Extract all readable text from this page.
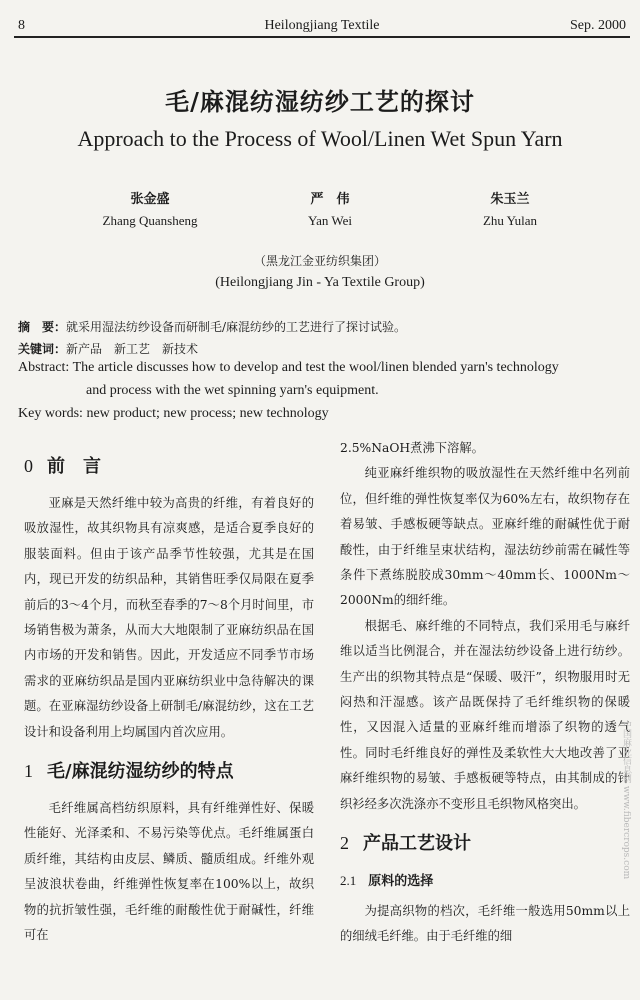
8	Heilongjiang Textile	Sep. 2000
毛/麻混纺湿纺纱工艺的探讨
Approach to the Process of Wool/Linen Wet Spun Yarn
张金盛
Zhang Quansheng
严　伟
Yan Wei
朱玉兰
Zhu Yulan
（黑龙江金亚纺织集团）
(Heilongjiang Jin - Ya Textile Group)
摘　要：就采用湿法纺纱设备而研制毛/麻混纺纱的工艺进行了探讨试验。
关键词：新产品　新工艺　新技术
Abstract: The article discusses how to develop and test the wool/linen blended yarn's technology
and process with the wet spinning yarn's equipment.
Key words: new product; new process; new technology
0 前　言

亚麻是天然纤维中较为高贵的纤维，有着良好的吸放湿性，故其织物具有凉爽感，是适合夏季良好的服装面料。但由于该产品季节性较强，尤其是在国内，现已开发的纺织品种，其销售旺季仅局限在夏季前后的3～4个月，而秋至春季的7～8个月时间里，市场销售极为萧条，从而大大地限制了亚麻纺织品在国内市场的开发和销售。因此，开发适应不同季节市场需求的亚麻纺织品是国内亚麻纺织业中急待解决的课题。在亚麻湿纺纱设备上研制毛/麻混纺纱，这在工艺设计和设备利用上均属国内首次应用。

1 毛/麻混纺湿纺纱的特点

毛纤维属高档纺织原料，具有纤维弹性好、保暖性能好、光泽柔和、不易污染等优点。毛纤维属蛋白质纤维，其结构由皮层、鳞质、髓质组成。纤维外观呈波浪状卷曲，纤维弹性恢复率在100%以上，故织物的抗折皱性强，毛纤维的耐酸性优于耐碱性，纤维可在

2.5%NaOH煮沸下溶解。

纯亚麻纤维织物的吸放湿性在天然纤维中名列前位，但纤维的弹性恢复率仅为60%左右，故织物存在着易皱、手感板硬等缺点。亚麻纤维的耐碱性优于耐酸性，由于纤维呈束状结构，湿法纺纱前需在碱性等条件下煮练脱胶成30mm～40mm长、1000Nm～2000Nm的细纤维。

根据毛、麻纤维的不同特点，我们采用毛与麻纤维以适当比例混合，并在湿法纺纱设备上进行纺纱。生产出的织物其特点是“保暖、吸汗”，织物服用时无闷热和汗湿感。该产品既保持了毛纤维织物的保暖性，又因混入适量的亚麻纤维而增添了织物的透气性。同时毛纤维良好的弹性及柔软性大大地改善了亚麻纤维织物的易皱、手感板硬等特点，由其制成的针织衫经多次洗涤亦不变形且毛织物风格突出。

2 产品工艺设计
2.1 原料的选择

为提高织物的档次，毛纤维一般选用50mm以上的细绒毛纤维。由于毛纤维的细

中国麻业信息网 www.fibercrops.com
